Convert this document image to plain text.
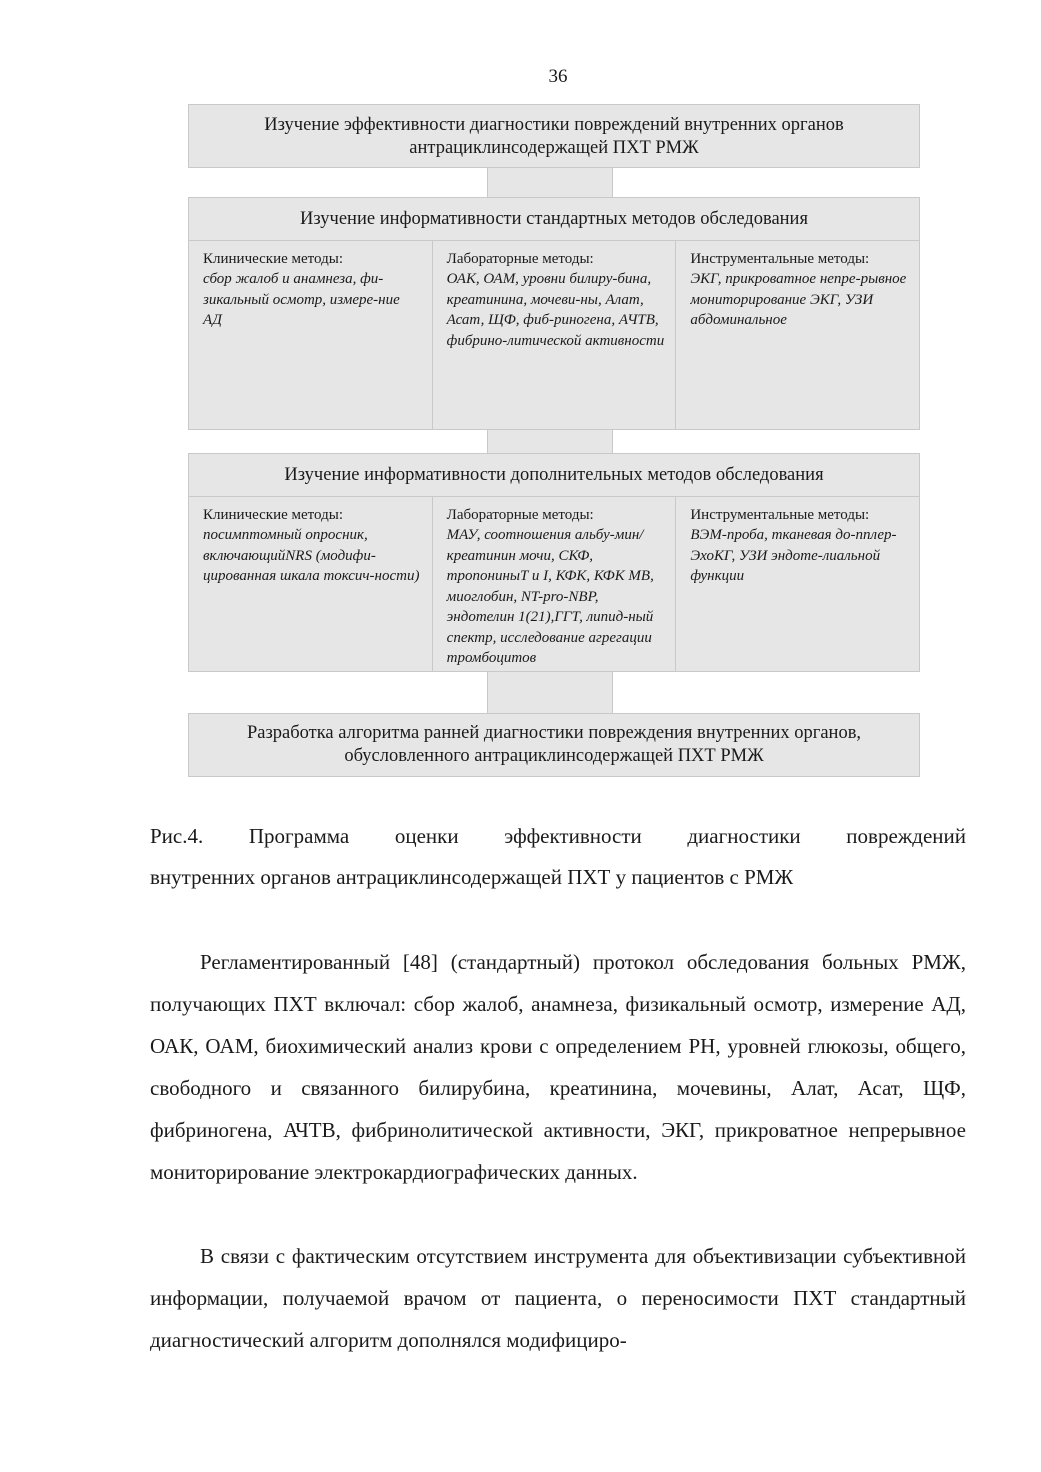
36
Изучение эффективности диагностики повреждений внутренних органов антрациклинсодержащей ПХТ РМЖ
Изучение информативности стандартных методов обследования
Клинические методы:
сбор жалоб и анамнеза, фи-зикальный осмотр, измере-ние АД
Лабораторные методы:
ОАК, ОАМ, уровни билиру-бина, креатинина, мочеви-ны, Алат, Асат, ЩФ, фиб-риногена, АЧТВ, фибрино-литической активности
Инструментальные методы:
ЭКГ, прикроватное непре-рывное мониторирование ЭКГ, УЗИ абдоминальное
Изучение информативности дополнительных методов обследования
Клинические методы:
посимптомный опросник, включающийNRS (модифи-цированная шкала токсич-ности)
Лабораторные методы:
МАУ, соотношения альбу-мин/креатинин мочи, СКФ, тропониныT и I, КФК, КФК МВ, миоглобин, NT-pro-NBP, эндотелин 1(21),ГГТ, липид-ный спектр, исследование агрегации тромбоцитов
Инструментальные методы:
ВЭМ-проба, тканевая до-пплер-ЭхоКГ, УЗИ эндоте-лиальной функции
Разработка алгоритма ранней диагностики повреждения внутренних органов, обусловленного антрациклинсодержащей ПХТ РМЖ
Рис.4. Программа оценки эффективности диагностики повреждений
внутренних органов антрациклинсодержащей ПХТ у пациентов с РМЖ

Регламентированный [48] (стандартный) протокол обследования больных РМЖ, получающих ПХТ включал: сбор жалоб, анамнеза, физикальный осмотр, измерение АД, ОАК, ОАМ, биохимический анализ крови с определением PH, уровней глюкозы, общего, свободного и связанного билирубина, креатинина, мочевины, Алат, Асат, ЩФ, фибриногена, АЧТВ, фибринолитической активности, ЭКГ, прикроватное непрерывное мониторирование электрокардиографических данных.

В связи с фактическим отсутствием инструмента для объективизации субъективной информации, получаемой врачом от пациента, о переносимости ПХТ стандартный диагностический алгоритм дополнялся модифициро-
